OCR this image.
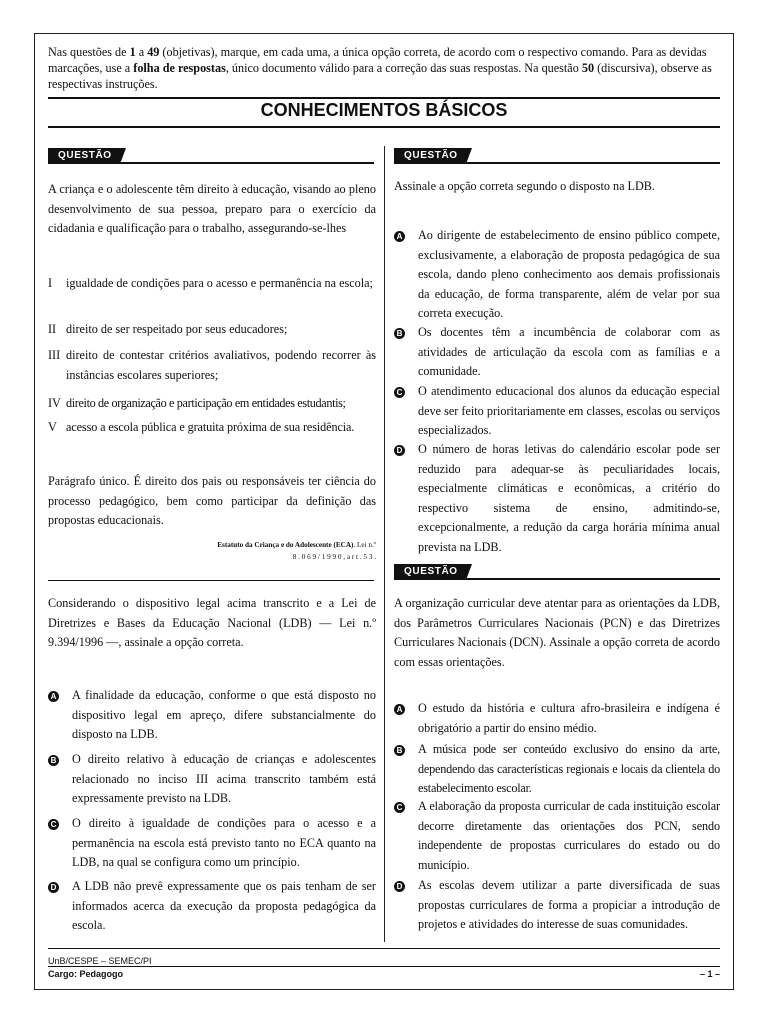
Nas questões de 1 a 49 (objetivas), marque, em cada uma, a única opção correta, de acordo com o respectivo comando. Para as devidas marcações, use a folha de respostas, único documento válido para a correção das suas respostas. Na questão 50 (discursiva), observe as respectivas instruções.
CONHECIMENTOS BÁSICOS
QUESTÃO 1
A criança e o adolescente têm direito à educação, visando ao pleno desenvolvimento de sua pessoa, preparo para o exercício da cidadania e qualificação para o trabalho, assegurando-se-lhes
I igualdade de condições para o acesso e permanência na escola;
II direito de ser respeitado por seus educadores;
III direito de contestar critérios avaliativos, podendo recorrer às instâncias escolares superiores;
IV direito de organização e participação em entidades estudantis;
V acesso a escola pública e gratuita próxima de sua residência.
Parágrafo único. É direito dos pais ou responsáveis ter ciência do processo pedagógico, bem como participar da definição das propostas educacionais.
Estatuto da Criança e do Adolescente (ECA). Lei n.º
8 . 0 6 9 / 1 9 9 0 , a r t . 5 3 .
Considerando o dispositivo legal acima transcrito e a Lei de Diretrizes e Bases da Educação Nacional (LDB) — Lei n.º 9.394/1996 —, assinale a opção correta.
A A finalidade da educação, conforme o que está disposto no dispositivo legal em apreço, difere substancialmente do disposto na LDB.
B O direito relativo à educação de crianças e adolescentes relacionado no inciso III acima transcrito também está expressamente previsto na LDB.
C O direito à igualdade de condições para o acesso e a permanência na escola está previsto tanto no ECA quanto na LDB, na qual se configura como um princípio.
D A LDB não prevê expressamente que os pais tenham de ser informados acerca da execução da proposta pedagógica da escola.
QUESTÃO 2
Assinale a opção correta segundo o disposto na LDB.
A Ao dirigente de estabelecimento de ensino público compete, exclusivamente, a elaboração de proposta pedagógica de sua escola, dando pleno conhecimento aos demais profissionais da educação, de forma transparente, além de velar por sua correta execução.
B Os docentes têm a incumbência de colaborar com as atividades de articulação da escola com as famílias e a comunidade.
C O atendimento educacional dos alunos da educação especial deve ser feito prioritariamente em classes, escolas ou serviços especializados.
D O número de horas letivas do calendário escolar pode ser reduzido para adequar-se às peculiaridades locais, especialmente climáticas e econômicas, a critério do respectivo sistema de ensino, admitindo-se, excepcionalmente, a redução da carga horária mínima anual prevista na LDB.
QUESTÃO 3
A organização curricular deve atentar para as orientações da LDB, dos Parâmetros Curriculares Nacionais (PCN) e das Diretrizes Curriculares Nacionais (DCN). Assinale a opção correta de acordo com essas orientações.
A O estudo da história e cultura afro-brasileira e indígena é obrigatório a partir do ensino médio.
B A música pode ser conteúdo exclusivo do ensino da arte, dependendo das características regionais e locais da clientela do estabelecimento escolar.
C A elaboração da proposta curricular de cada instituição escolar decorre diretamente das orientações dos PCN, sendo independente de propostas curriculares do estado ou do município.
D As escolas devem utilizar a parte diversificada de suas propostas curriculares de forma a propiciar a introdução de projetos e atividades do interesse de suas comunidades.
UnB/CESPE – SEMEC/PI
Cargo: Pedagogo	– 1 –
